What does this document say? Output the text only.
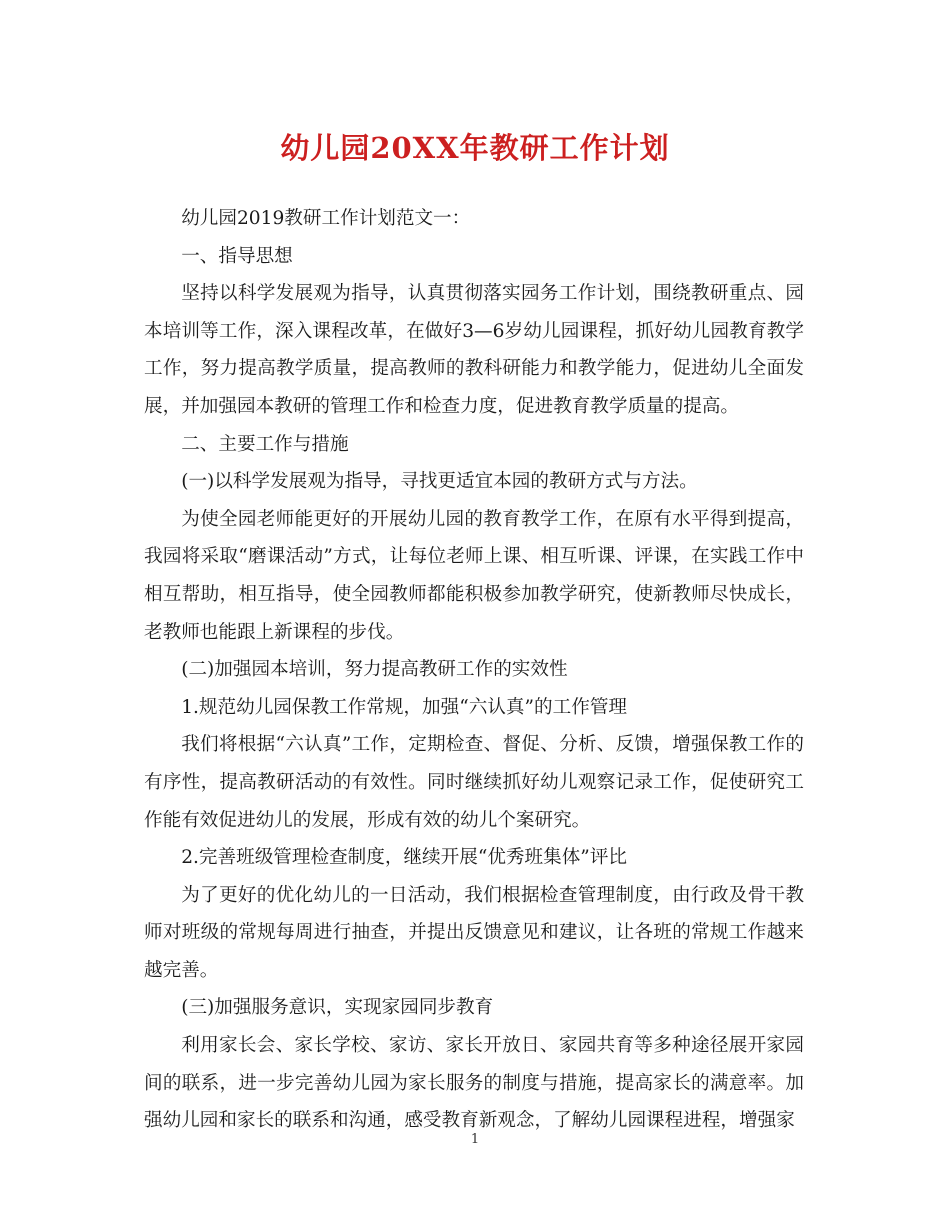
幼儿园20XX年教研工作计划

幼儿园2019教研工作计划范文一：

一、指导思想

坚持以科学发展观为指导，认真贯彻落实园务工作计划，围绕教研重点、园本培训等工作，深入课程改革，在做好3—6岁幼儿园课程，抓好幼儿园教育教学工作，努力提高教学质量，提高教师的教科研能力和教学能力，促进幼儿全面发展，并加强园本教研的管理工作和检查力度，促进教育教学质量的提高。

二、主要工作与措施

(一)以科学发展观为指导，寻找更适宜本园的教研方式与方法。

为使全园老师能更好的开展幼儿园的教育教学工作，在原有水平得到提高，我园将采取“磨课活动”方式，让每位老师上课、相互听课、评课，在实践工作中相互帮助，相互指导，使全园教师都能积极参加教学研究，使新教师尽快成长，老教师也能跟上新课程的步伐。

(二)加强园本培训，努力提高教研工作的实效性

1.规范幼儿园保教工作常规，加强“六认真”的工作管理

我们将根据“六认真”工作，定期检查、督促、分析、反馈，增强保教工作的有序性，提高教研活动的有效性。同时继续抓好幼儿观察记录工作，促使研究工作能有效促进幼儿的发展，形成有效的幼儿个案研究。

2.完善班级管理检查制度，继续开展“优秀班集体”评比

为了更好的优化幼儿的一日活动，我们根据检查管理制度，由行政及骨干教师对班级的常规每周进行抽查，并提出反馈意见和建议，让各班的常规工作越来越完善。

(三)加强服务意识，实现家园同步教育

利用家长会、家长学校、家访、家长开放日、家园共育等多种途径展开家园间的联系，进一步完善幼儿园为家长服务的制度与措施，提高家长的满意率。加强幼儿园和家长的联系和沟通，感受教育新观念，了解幼儿园课程进程，增强家

1
